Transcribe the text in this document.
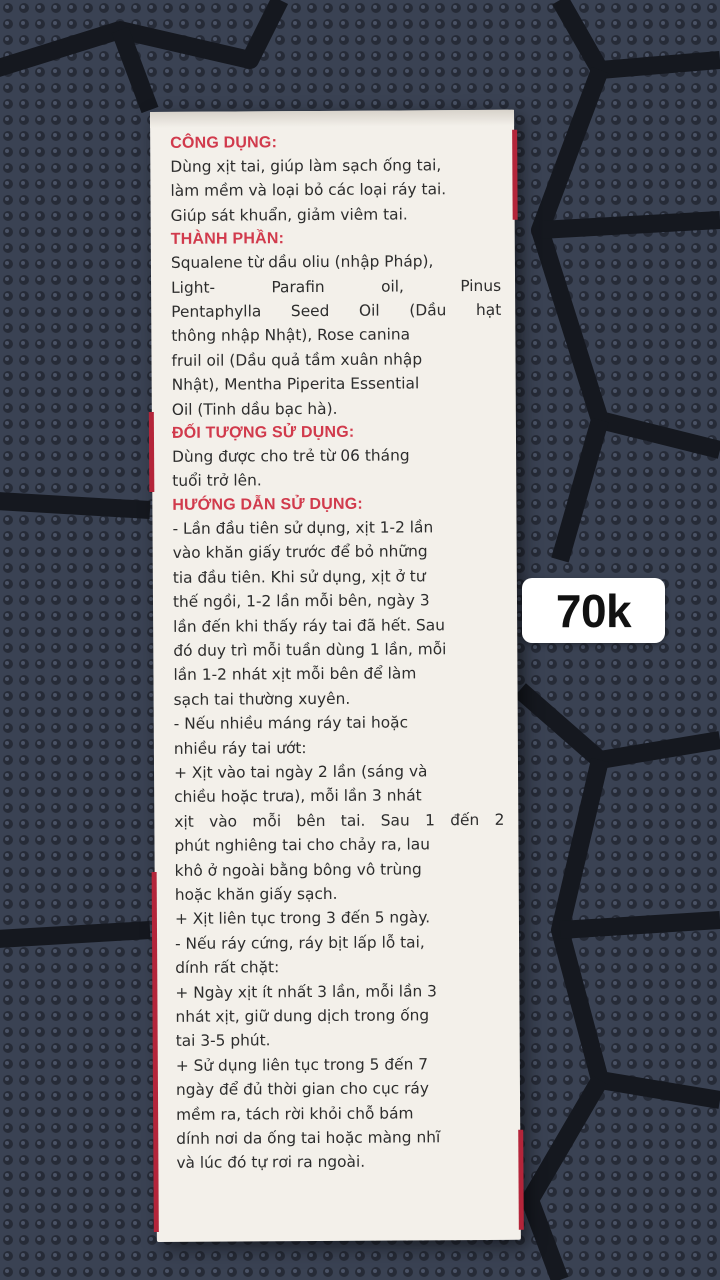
CÔNG DỤNG:
Dùng xịt tai, giúp làm sạch ống tai,
làm mềm và loại bỏ các loại ráy tai.
Giúp sát khuẩn, giảm viêm tai.
THÀNH PHẦN:
Squalene từ dầu oliu (nhập Pháp),
Light- Parafin oil, Pinus
Pentaphylla Seed Oil (Dầu hạt
thông nhập Nhật), Rose canina
fruil oil (Dầu quả tầm xuân nhập
Nhật), Mentha Piperita Essential
Oil (Tinh dầu bạc hà).
ĐỐI TƯỢNG SỬ DỤNG:
Dùng được cho trẻ từ 06 tháng
tuổi trở lên.
HƯỚNG DẪN SỬ DỤNG:
- Lần đầu tiên sử dụng, xịt 1-2 lần
vào khăn giấy trước để bỏ những
tia đầu tiên. Khi sử dụng, xịt ở tư
thế ngồi, 1-2 lần mỗi bên, ngày 3
lần đến khi thấy ráy tai đã hết. Sau
đó duy trì mỗi tuần dùng 1 lần, mỗi
lần 1-2 nhát xịt mỗi bên để làm
sạch tai thường xuyên.
- Nếu nhiều máng ráy tai hoặc
nhiều ráy tai ướt:
+ Xịt vào tai ngày 2 lần (sáng và
chiều hoặc trưa), mỗi lần 3 nhát
xịt vào mỗi bên tai. Sau 1 đến 2
phút nghiêng tai cho chảy ra, lau
khô ở ngoài bằng bông vô trùng
hoặc khăn giấy sạch.
+ Xịt liên tục trong 3 đến 5 ngày.
- Nếu ráy cứng, ráy bịt lấp lỗ tai,
dính rất chặt:
+ Ngày xịt ít nhất 3 lần, mỗi lần 3
nhát xịt, giữ dung dịch trong ống
tai 3-5 phút.
+ Sử dụng liên tục trong 5 đến 7
ngày để đủ thời gian cho cục ráy
mềm ra, tách rời khỏi chỗ bám
dính nơi da ống tai hoặc màng nhĩ
và lúc đó tự rơi ra ngoài.
70k
